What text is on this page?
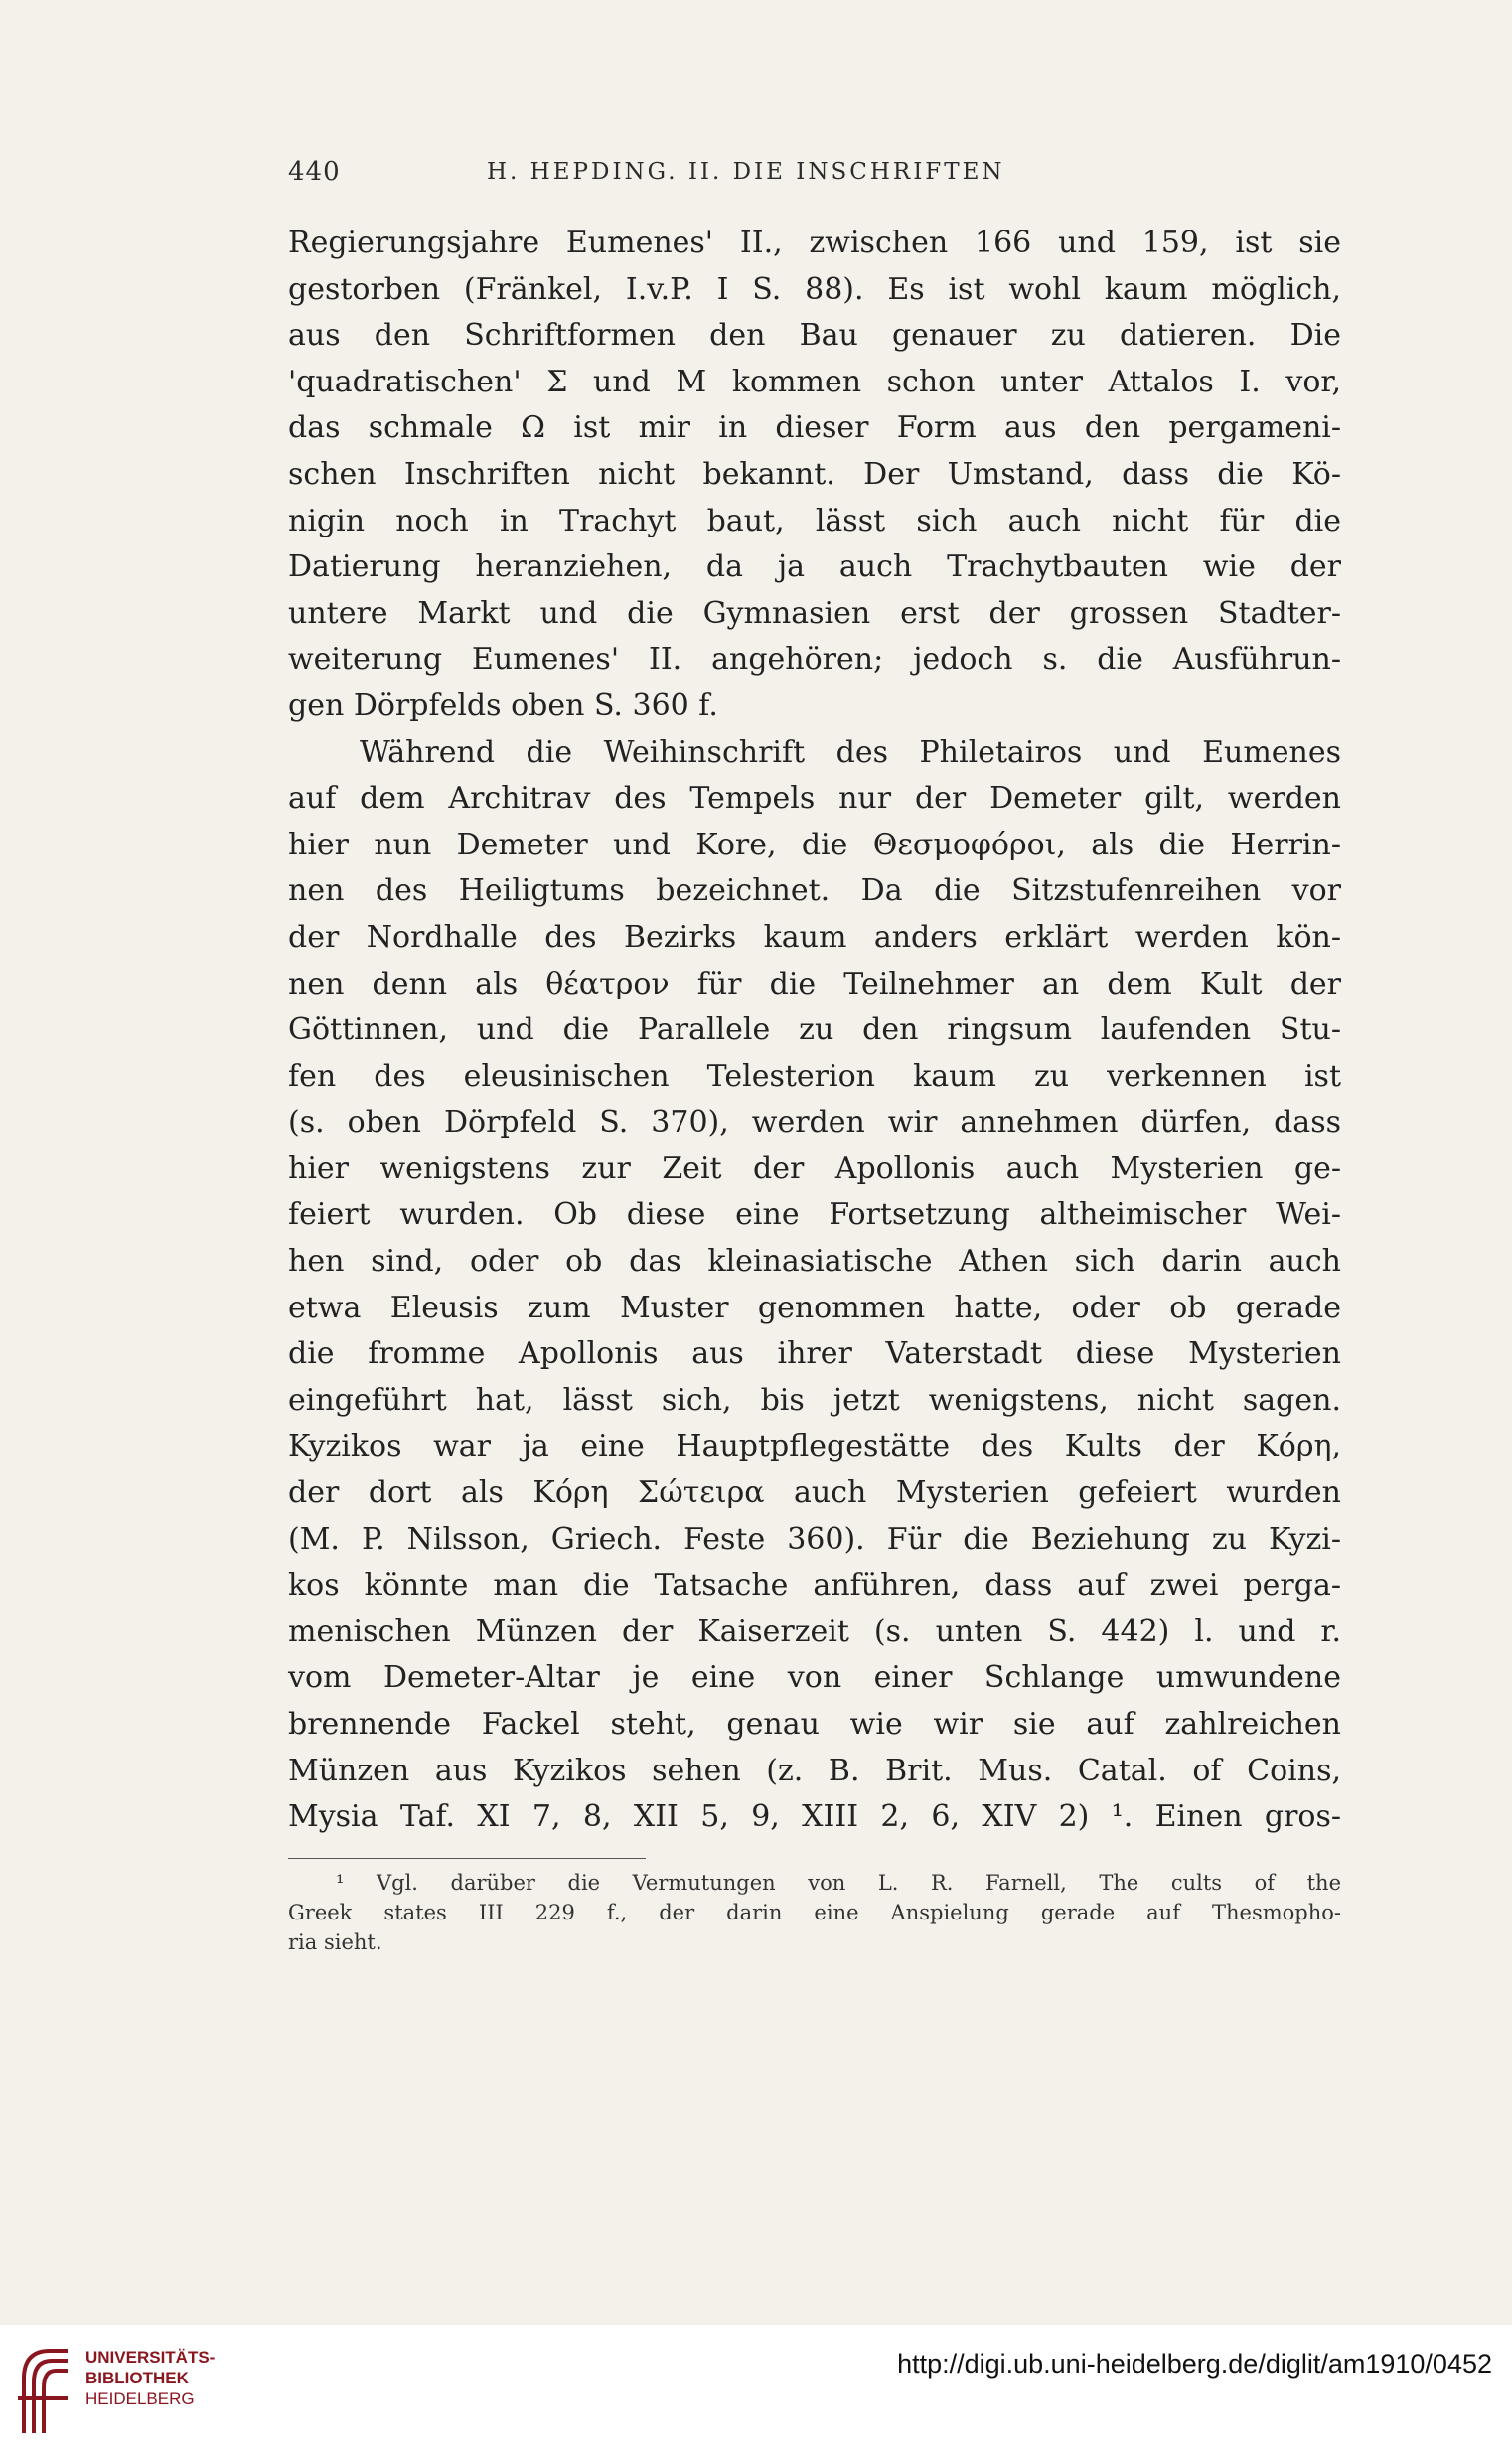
440	H. HEPDING. II. DIE INSCHRIFTEN
Regierungsjahre Eumenes' II., zwischen 166 und 159, ist sie
gestorben (Fränkel, I.v.P. I S. 88). Es ist wohl kaum möglich,
aus den Schriftformen den Bau genauer zu datieren. Die
'quadratischen' Σ und M kommen schon unter Attalos I. vor,
das schmale Ω ist mir in dieser Form aus den pergameni-
schen Inschriften nicht bekannt. Der Umstand, dass die Kö-
nigin noch in Trachyt baut, lässt sich auch nicht für die
Datierung heranziehen, da ja auch Trachytbauten wie der
untere Markt und die Gymnasien erst der grossen Stadter-
weiterung Eumenes' II. angehören; jedoch s. die Ausführun-
gen Dörpfelds oben S. 360 f.
Während die Weihinschrift des Philetairos und Eumenes
auf dem Architrav des Tempels nur der Demeter gilt, werden
hier nun Demeter und Kore, die Θεσμοφόροι, als die Herrin-
nen des Heiligtums bezeichnet. Da die Sitzstufenreihen vor
der Nordhalle des Bezirks kaum anders erklärt werden kön-
nen denn als θέατρον für die Teilnehmer an dem Kult der
Göttinnen, und die Parallele zu den ringsum laufenden Stu-
fen des eleusinischen Telesterion kaum zu verkennen ist
(s. oben Dörpfeld S. 370), werden wir annehmen dürfen, dass
hier wenigstens zur Zeit der Apollonis auch Mysterien ge-
feiert wurden. Ob diese eine Fortsetzung altheimischer Wei-
hen sind, oder ob das kleinasiatische Athen sich darin auch
etwa Eleusis zum Muster genommen hatte, oder ob gerade
die fromme Apollonis aus ihrer Vaterstadt diese Mysterien
eingeführt hat, lässt sich, bis jetzt wenigstens, nicht sagen.
Kyzikos war ja eine Hauptpflegestätte des Kults der Κόρη,
der dort als Κόρη Σώτειρα auch Mysterien gefeiert wurden
(M. P. Nilsson, Griech. Feste 360). Für die Beziehung zu Kyzi-
kos könnte man die Tatsache anführen, dass auf zwei perga-
menischen Münzen der Kaiserzeit (s. unten S. 442) l. und r.
vom Demeter-Altar je eine von einer Schlange umwundene
brennende Fackel steht, genau wie wir sie auf zahlreichen
Münzen aus Kyzikos sehen (z. B. Brit. Mus. Catal. of Coins,
Mysia Taf. XI 7, 8, XII 5, 9, XIII 2, 6, XIV 2) ¹. Einen gros-
¹ Vgl. darüber die Vermutungen von L. R. Farnell, The cults of the
Greek states III 229 f., der darin eine Anspielung gerade auf Thesmopho-
ria sieht.
UNIVERSITÄTS-
BIBLIOTHEK
HEIDELBERG
http://digi.ub.uni-heidelberg.de/diglit/am1910/0452
